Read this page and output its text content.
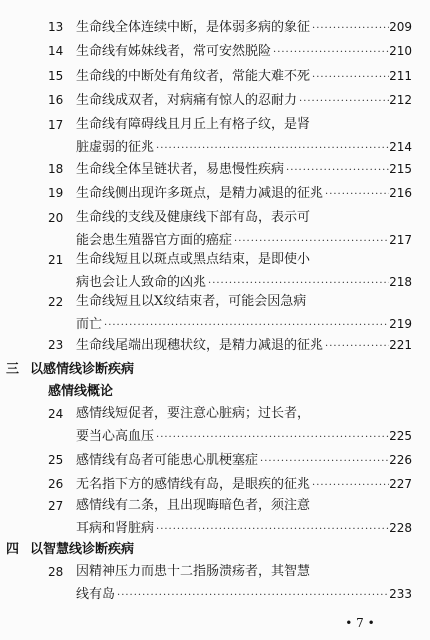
13 生命线全体连续中断，是体弱多病的象征 ·····	209
14 生命线有姊妹线者，常可安然脱险 ·····	210
15 生命线的中断处有角纹者，常能大难不死 ·····	211
16 生命线成双者，对病痛有惊人的忍耐力 ·····	212
17 生命线有障碍线且月丘上有格子纹，是肾
脏虚弱的征兆 ·····	214
18 生命线全体呈链状者，易患慢性疾病 ·····	215
19 生命线侧出现许多斑点，是精力减退的征兆 ·····	216
20 生命线的支线及健康线下部有岛，表示可
能会患生殖器官方面的癌症 ·····	217
21 生命线短且以斑点或黑点结束，是即使小
病也会让人致命的凶兆 ·····	218
22 生命线短且以X纹结束者，可能会因急病
而亡 ·····	219
23 生命线尾端出现穗状纹，是精力减退的征兆 ·····	221
三 以感情线诊断疾病
感情线概论
24 感情线短促者，要注意心脏病；过长者，
要当心高血压 ·····	225
25 感情线有岛者可能患心肌梗塞症 ·····	226
26 无名指下方的感情线有岛，是眼疾的征兆 ·····	227
27 感情线有二条，且出现晦暗色者，须注意
耳病和肾脏病 ·····	228
四 以智慧线诊断疾病
28 因精神压力而患十二指肠溃疡者，其智慧
线有岛 ·····	233
• 7 •
